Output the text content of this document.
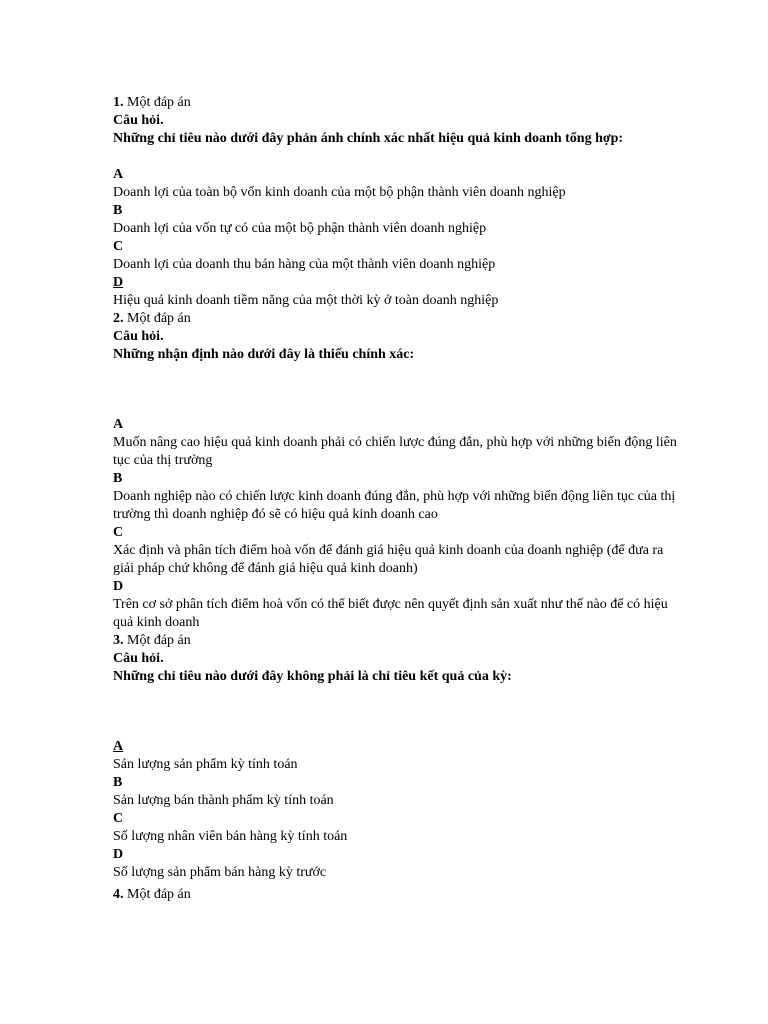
1. Một đáp án
Câu hỏi.
Những chỉ tiêu nào dưới đây phản ánh chính xác nhất hiệu quả kinh doanh tổng hợp:
A
Doanh lợi của toàn bộ vốn kinh doanh của một bộ phận thành viên doanh nghiệp
B
Doanh lợi của vốn tự có của một bộ phận thành viên doanh nghiệp
C
Doanh lợi của doanh thu bán hàng của một thành viên doanh nghiệp
D
Hiệu quả kinh doanh tiềm năng của một thời kỳ ở toàn doanh nghiệp
2. Một đáp án
Câu hỏi.
Những nhận định nào dưới đây là thiếu chính xác:
A
Muốn nâng cao hiệu quả kinh doanh phải có chiến lược đúng đắn, phù hợp với những biến động liên tục của thị trường
B
Doanh nghiệp nào có chiến lược kinh doanh đúng đắn, phù hợp với những biến động liên tục của thị trường thì doanh nghiệp đó sẽ có hiệu quả kinh doanh cao
C
Xác định và phân tích điểm hoà vốn để đánh giá hiệu quả kinh doanh của doanh nghiệp (để đưa ra giải pháp chứ không để đánh giá hiệu quả kinh doanh)
D
Trên cơ sở phân tích điểm hoà vốn có thể biết được nên quyết định sản xuất như thế nào để có hiệu quả kinh doanh
3. Một đáp án
Câu hỏi.
Những chỉ tiêu nào dưới đây không phải là chỉ tiêu kết quả của kỳ:
A
Sản lượng sản phẩm kỳ tính toán
B
Sản lượng bán thành phẩm kỳ tính toán
C
Số lượng nhân viên bán hàng kỳ tính toán
D
Số lượng sản phẩm bán hàng kỳ trước
4. Một đáp án
